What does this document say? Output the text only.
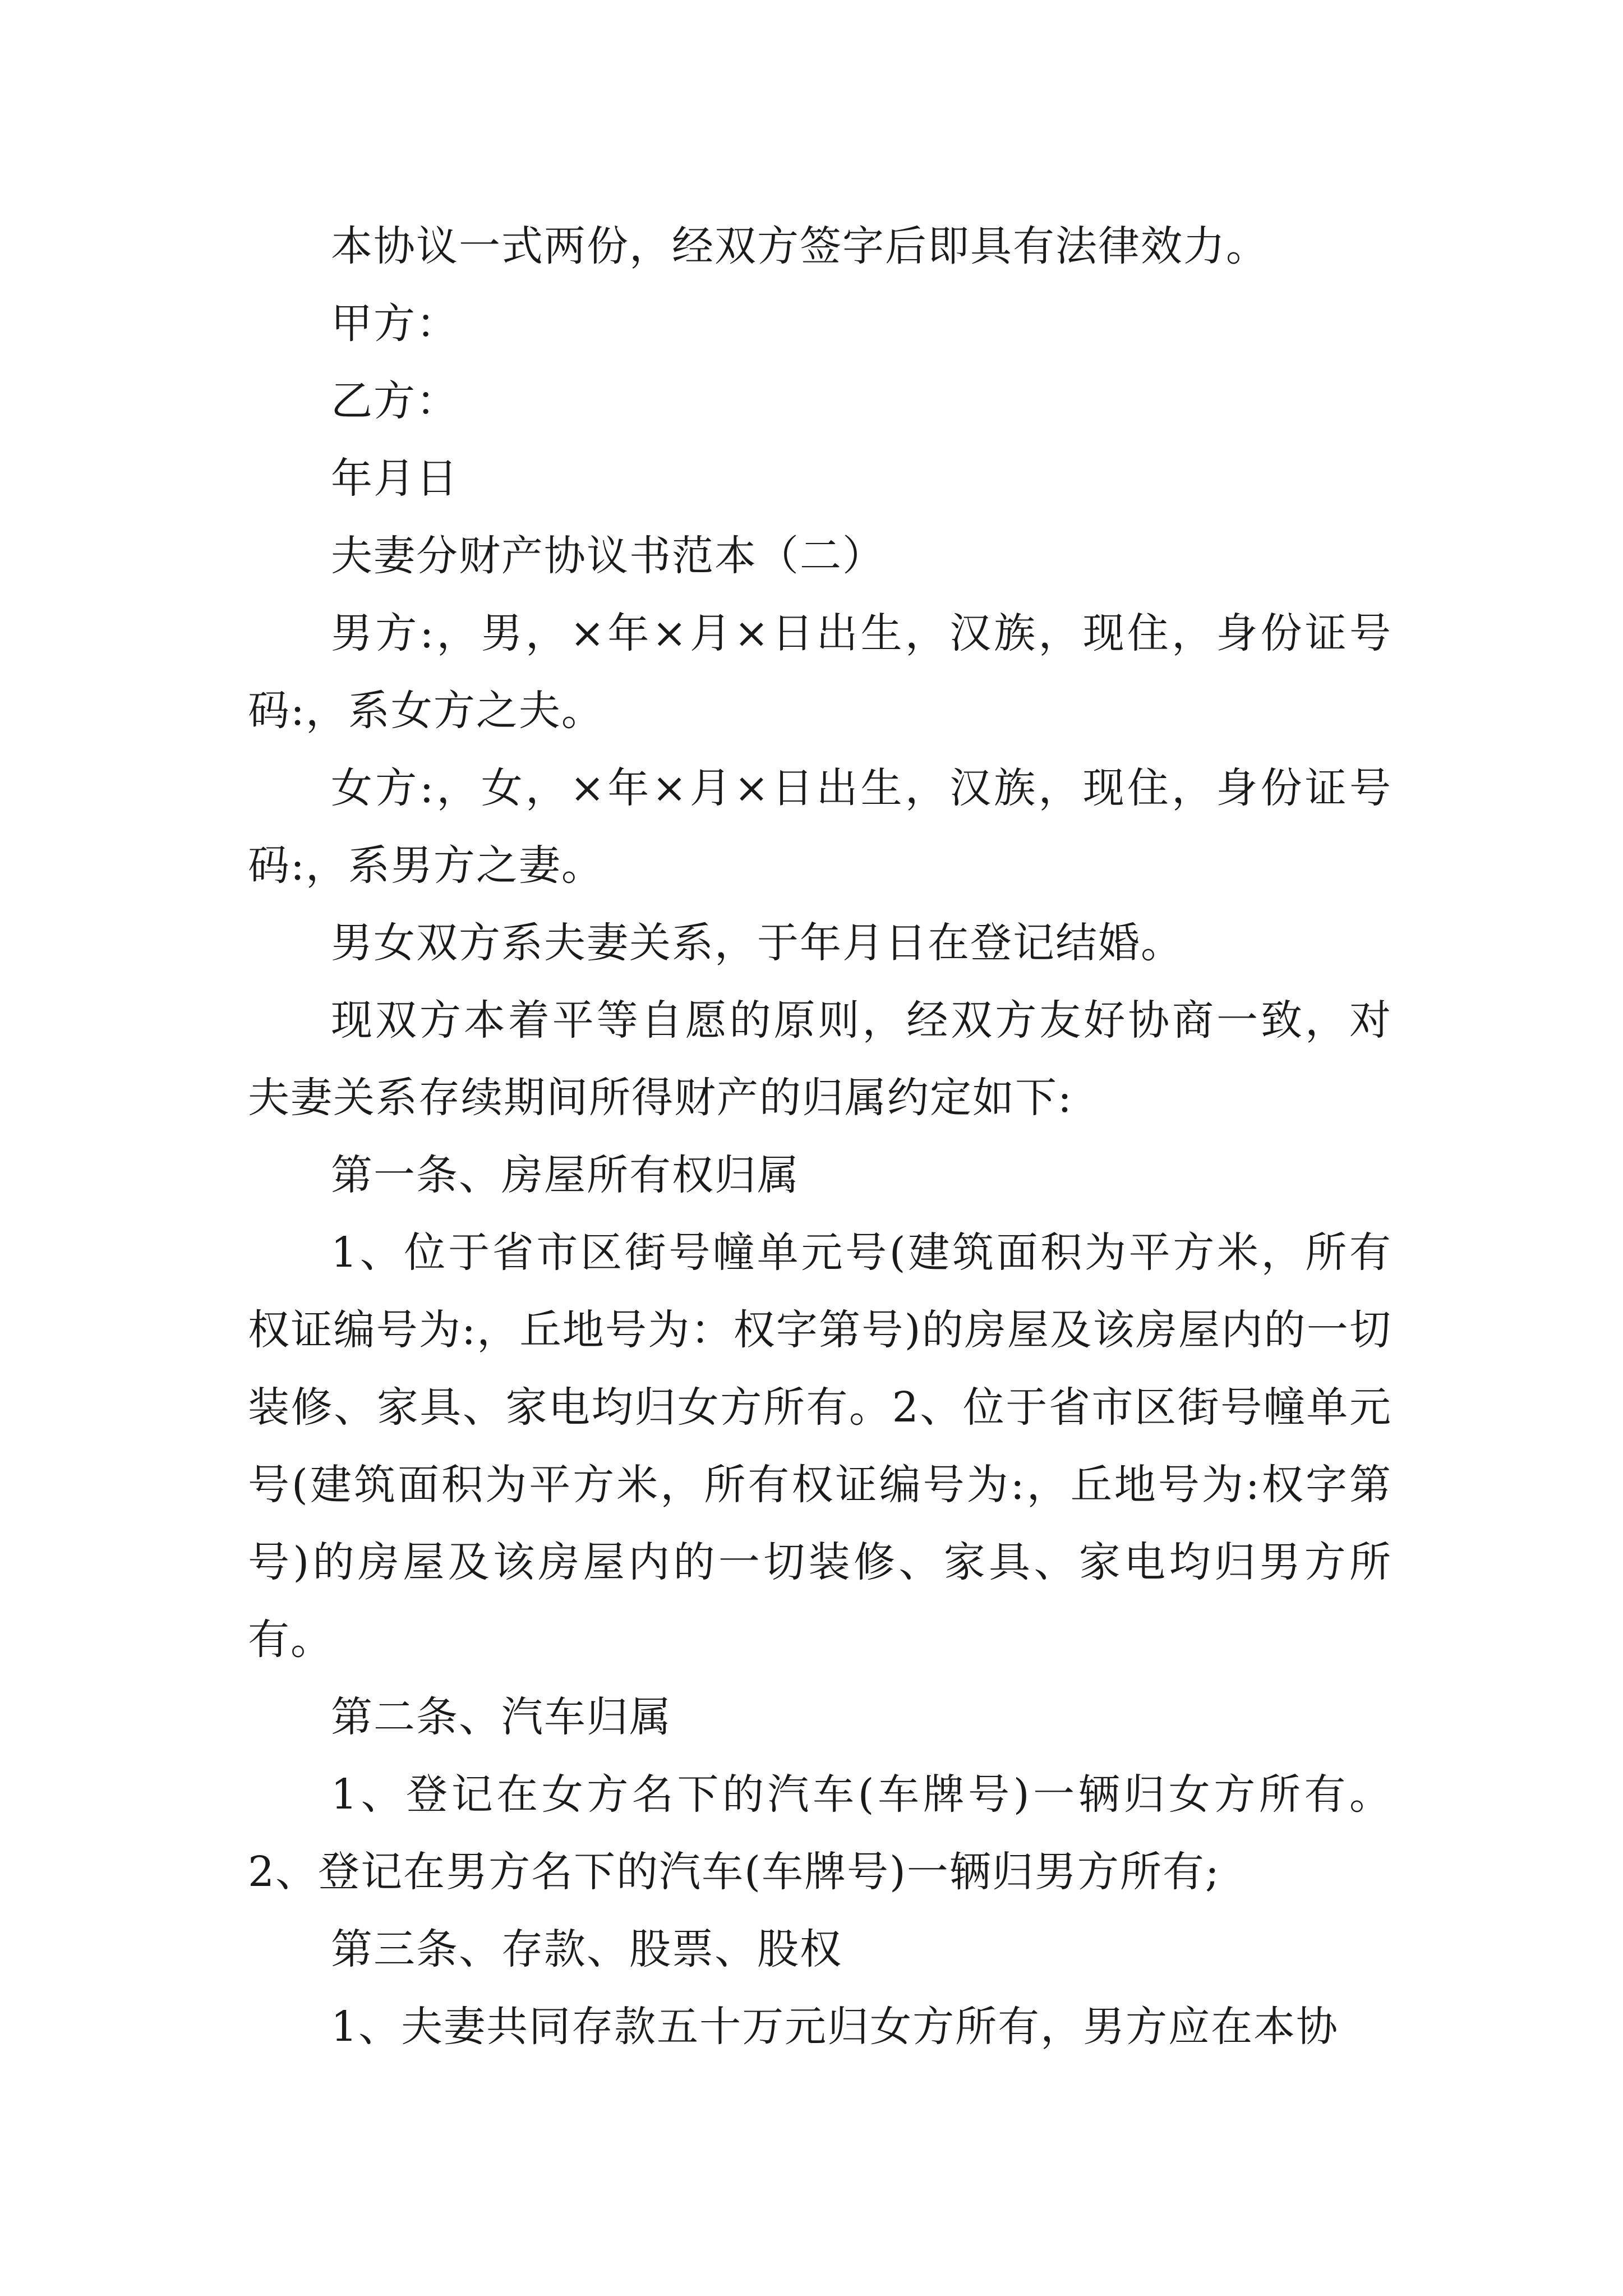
本协议一式两份，经双方签字后即具有法律效力。

甲方：

乙方：

年月日

夫妻分财产协议书范本（二）

男方:，男，×年×月×日出生，汉族，现住，身份证号码:，系女方之夫。

女方:，女，×年×月×日出生，汉族，现住，身份证号码:，系男方之妻。

男女双方系夫妻关系，于年月日在登记结婚。

现双方本着平等自愿的原则，经双方友好协商一致，对夫妻关系存续期间所得财产的归属约定如下:

第一条、房屋所有权归属

1、位于省市区街号幢单元号(建筑面积为平方米，所有权证编号为:，丘地号为：权字第号)的房屋及该房屋内的一切装修、家具、家电均归女方所有。2、位于省市区街号幢单元号(建筑面积为平方米，所有权证编号为:，丘地号为:权字第号)的房屋及该房屋内的一切装修、家具、家电均归男方所有。

第二条、汽车归属

1、登记在女方名下的汽车(车牌号)一辆归女方所有。2、登记在男方名下的汽车(车牌号)一辆归男方所有;

第三条、存款、股票、股权

1、夫妻共同存款五十万元归女方所有，男方应在本协
